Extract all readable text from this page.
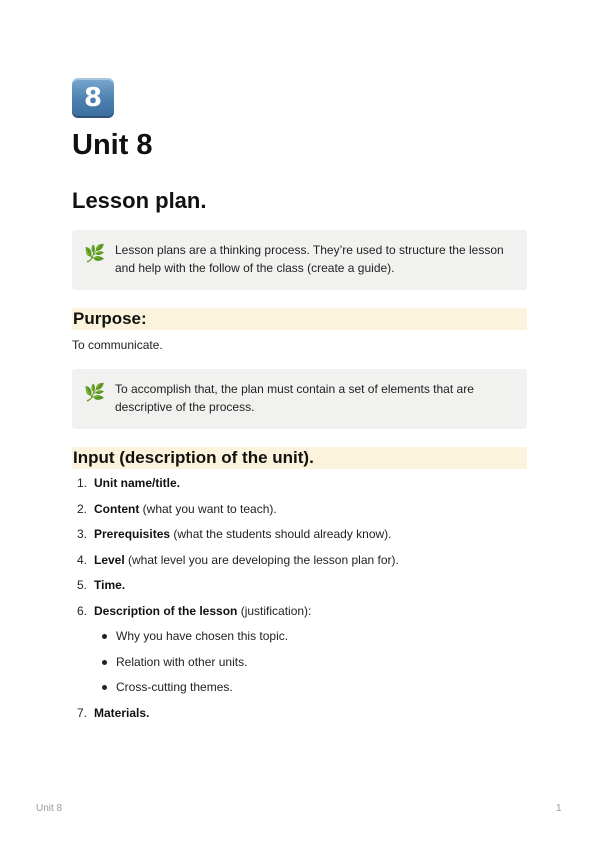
8
Unit 8
Lesson plan.
🌿 Lesson plans are a thinking process. They’re used to structure the lesson and help with the follow of the class (create a guide).
Purpose:
To communicate.
🌿 To accomplish that, the plan must contain a set of elements that are descriptive of the process.
Input (description of the unit).
1. Unit name/title.
2. Content (what you want to teach).
3. Prerequisites (what the students should already know).
4. Level (what level you are developing the lesson plan for).
5. Time.
6. Description of the lesson (justification):
Why you have chosen this topic.
Relation with other units.
Cross-cutting themes.
7. Materials.
Unit 8	1
